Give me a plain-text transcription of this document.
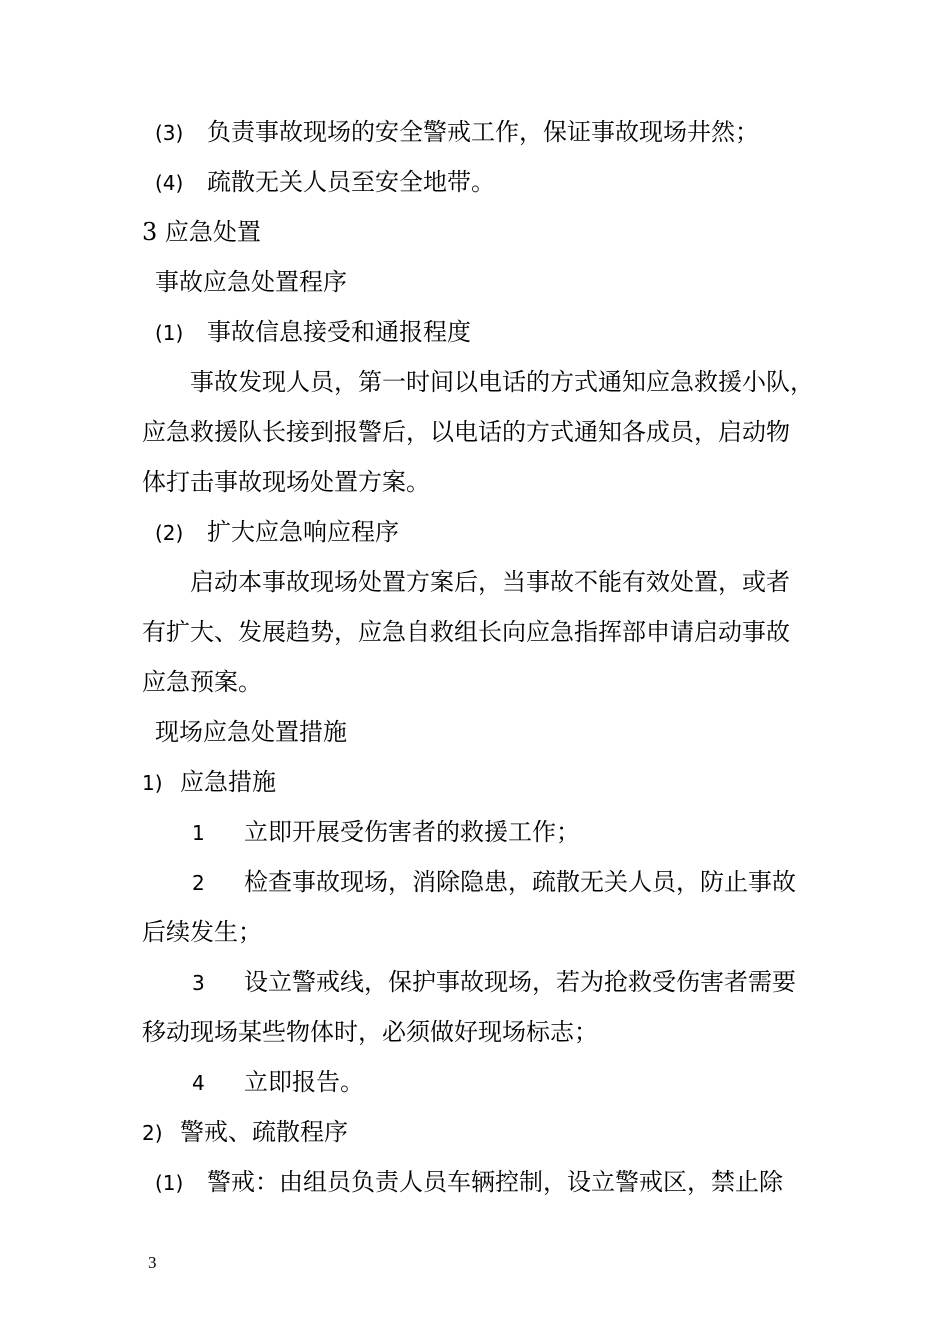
(3) 负责事故现场的安全警戒工作，保证事故现场井然；
(4) 疏散无关人员至安全地带。
3 应急处置
事故应急处置程序
(1) 事故信息接受和通报程度
事故发现人员，第一时间以电话的方式通知应急救援小队，
应急救援队长接到报警后，以电话的方式通知各成员，启动物
体打击事故现场处置方案。
(2) 扩大应急响应程序
启动本事故现场处置方案后，当事故不能有效处置，或者
有扩大、发展趋势，应急自救组长向应急指挥部申请启动事故
应急预案。
现场应急处置措施
1) 应急措施
1 立即开展受伤害者的救援工作；
2 检查事故现场，消除隐患，疏散无关人员，防止事故
后续发生；
3 设立警戒线，保护事故现场，若为抢救受伤害者需要
移动现场某些物体时，必须做好现场标志；
4 立即报告。
2) 警戒、疏散程序
(1) 警戒：由组员负责人员车辆控制，设立警戒区，禁止除
3
